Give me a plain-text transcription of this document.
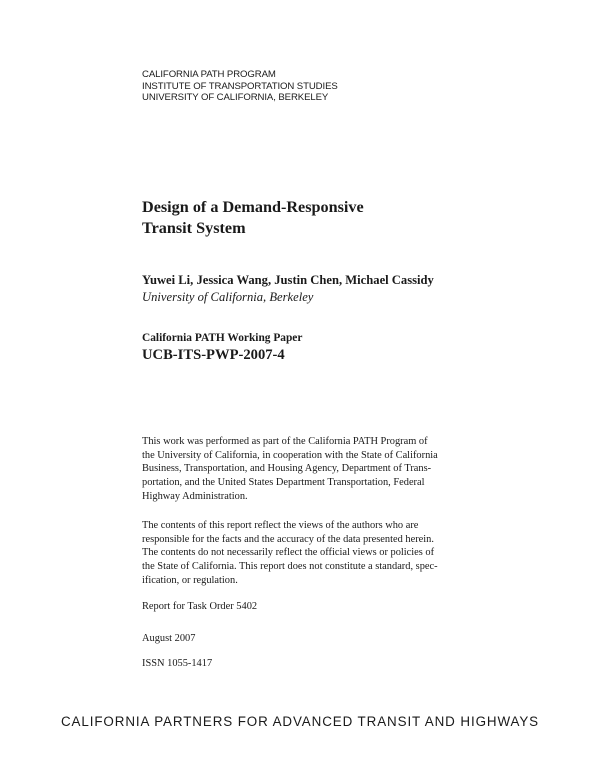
CALIFORNIA PATH PROGRAM
INSTITUTE OF TRANSPORTATION STUDIES
UNIVERSITY OF CALIFORNIA, BERKELEY
Design of a Demand-Responsive
Transit System
Yuwei Li, Jessica Wang, Justin Chen, Michael Cassidy
University of California, Berkeley
California PATH Working Paper
UCB-ITS-PWP-2007-4
This work was performed as part of the California PATH Program of
the University of California, in cooperation with the State of California
Business, Transportation, and Housing Agency, Department of Trans-
portation, and the United States Department Transportation, Federal
Highway Administration.
The contents of this report reflect the views of the authors who are
responsible for the facts and the accuracy of the data presented herein.
The contents do not necessarily reflect the official views or policies of
the State of California. This report does not constitute a standard, spec-
ification, or regulation.
Report for Task Order 5402
August 2007
ISSN 1055-1417
CALIFORNIA PARTNERS FOR ADVANCED TRANSIT AND HIGHWAYS
